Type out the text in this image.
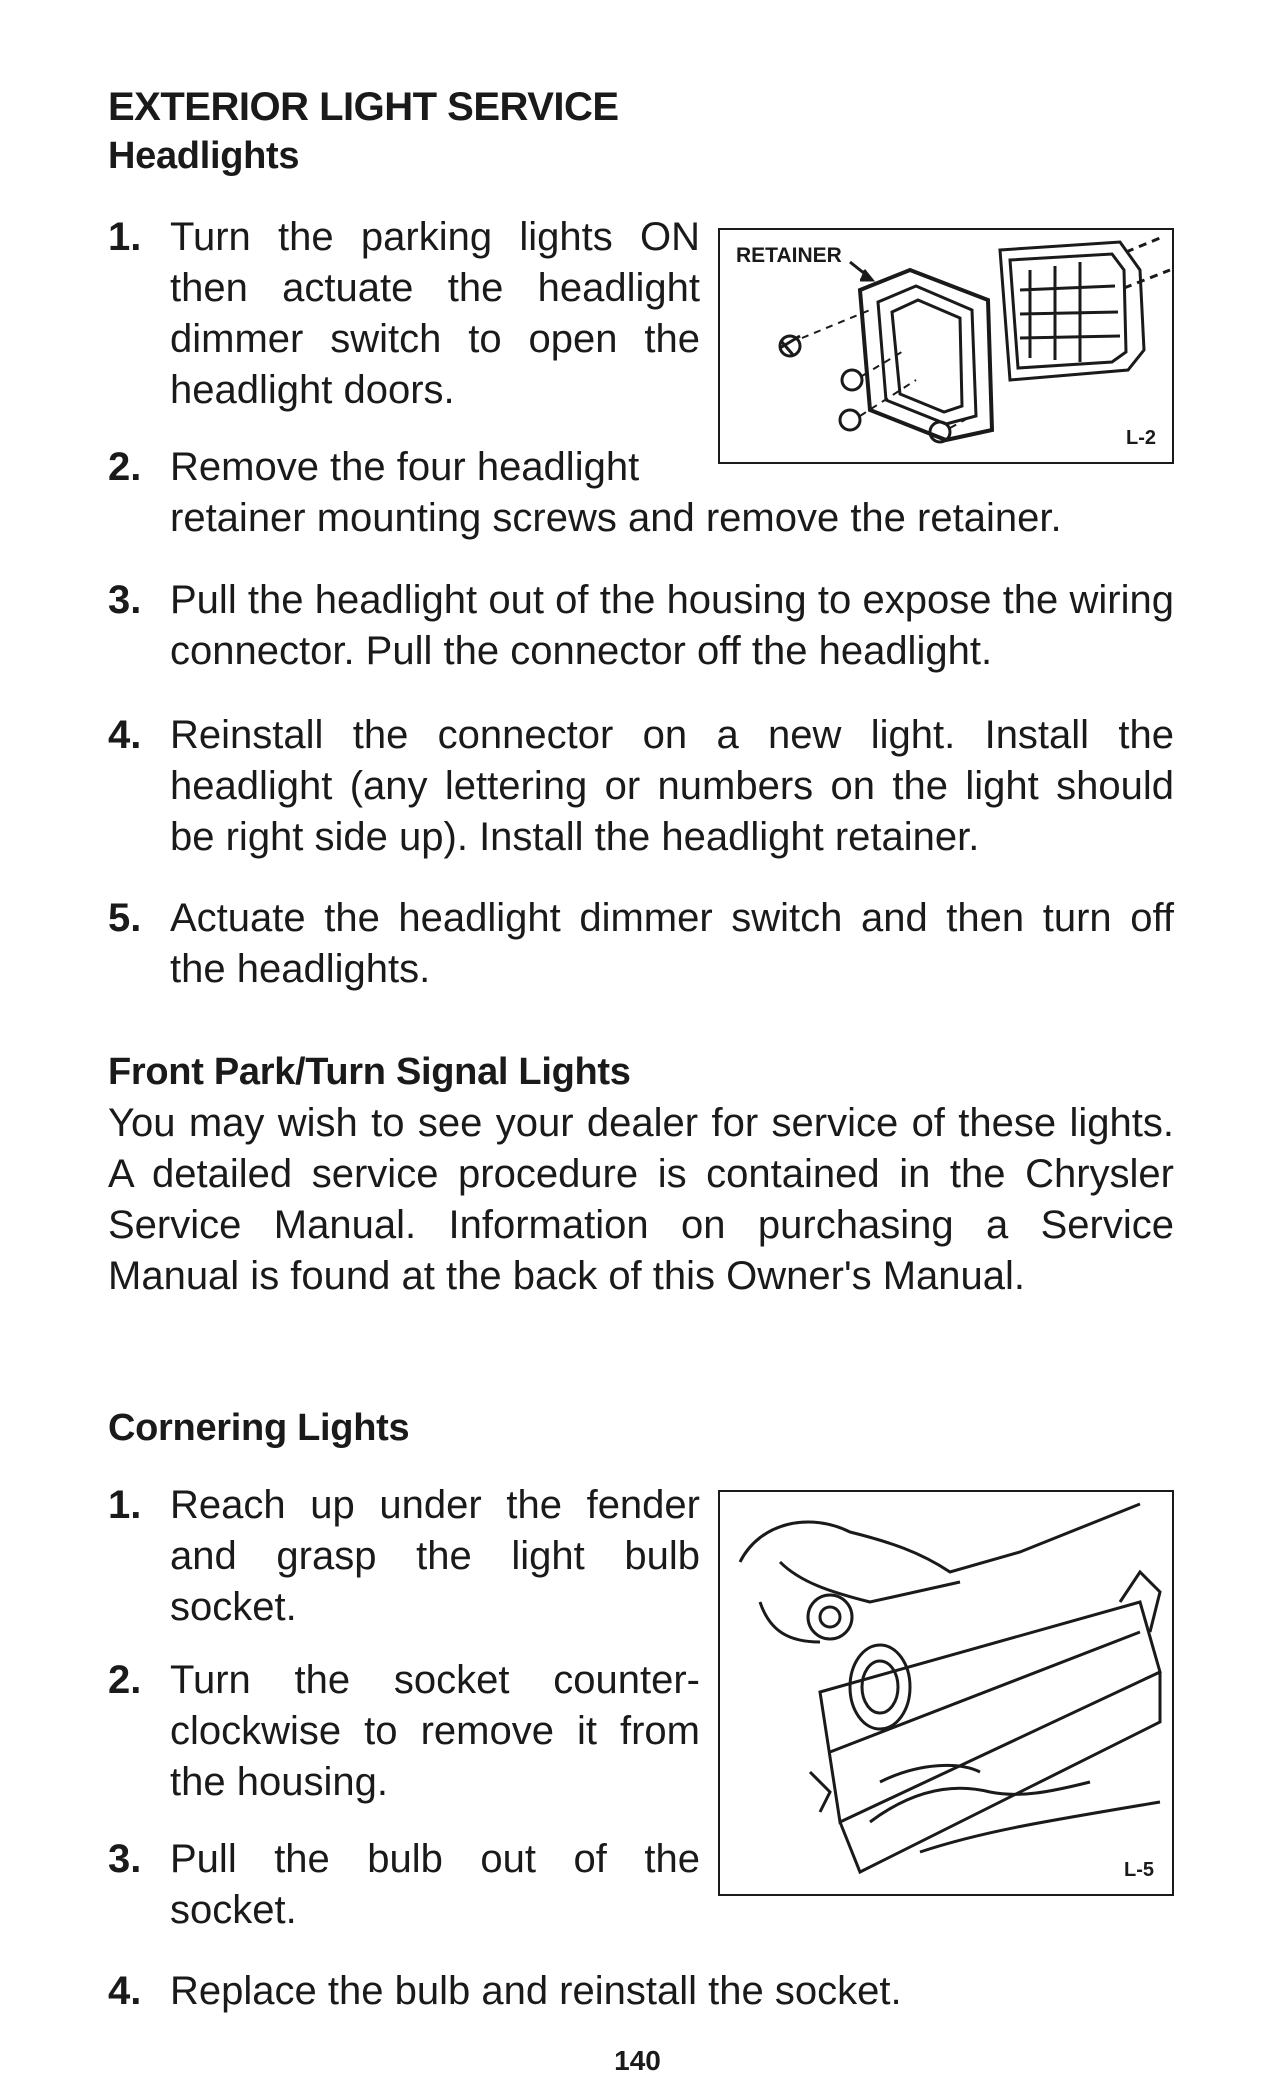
EXTERIOR LIGHT SERVICE
Headlights
RETAINER
L-2
1. Turn the parking lights ON then actuate the headlight dimmer switch to open the headlight doors.
2. Remove the four headlight
retainer mounting screws and remove the retainer.
3. Pull the headlight out of the housing to expose the wiring connector. Pull the connector off the headlight.
4. Reinstall the connector on a new light. Install the headlight (any lettering or numbers on the light should be right side up). Install the headlight retainer.
5. Actuate the headlight dimmer switch and then turn off the headlights.
Front Park/Turn Signal Lights
You may wish to see your dealer for service of these lights. A detailed service procedure is contained in the Chrysler Service Manual. Information on purchasing a Service Manual is found at the back of this Owner's Manual.
Cornering Lights
L-5
1. Reach up under the fender and grasp the light bulb socket.
2. Turn the socket counter-clockwise to remove it from the housing.
3. Pull the bulb out of the socket.
4. Replace the bulb and reinstall the socket.
140
